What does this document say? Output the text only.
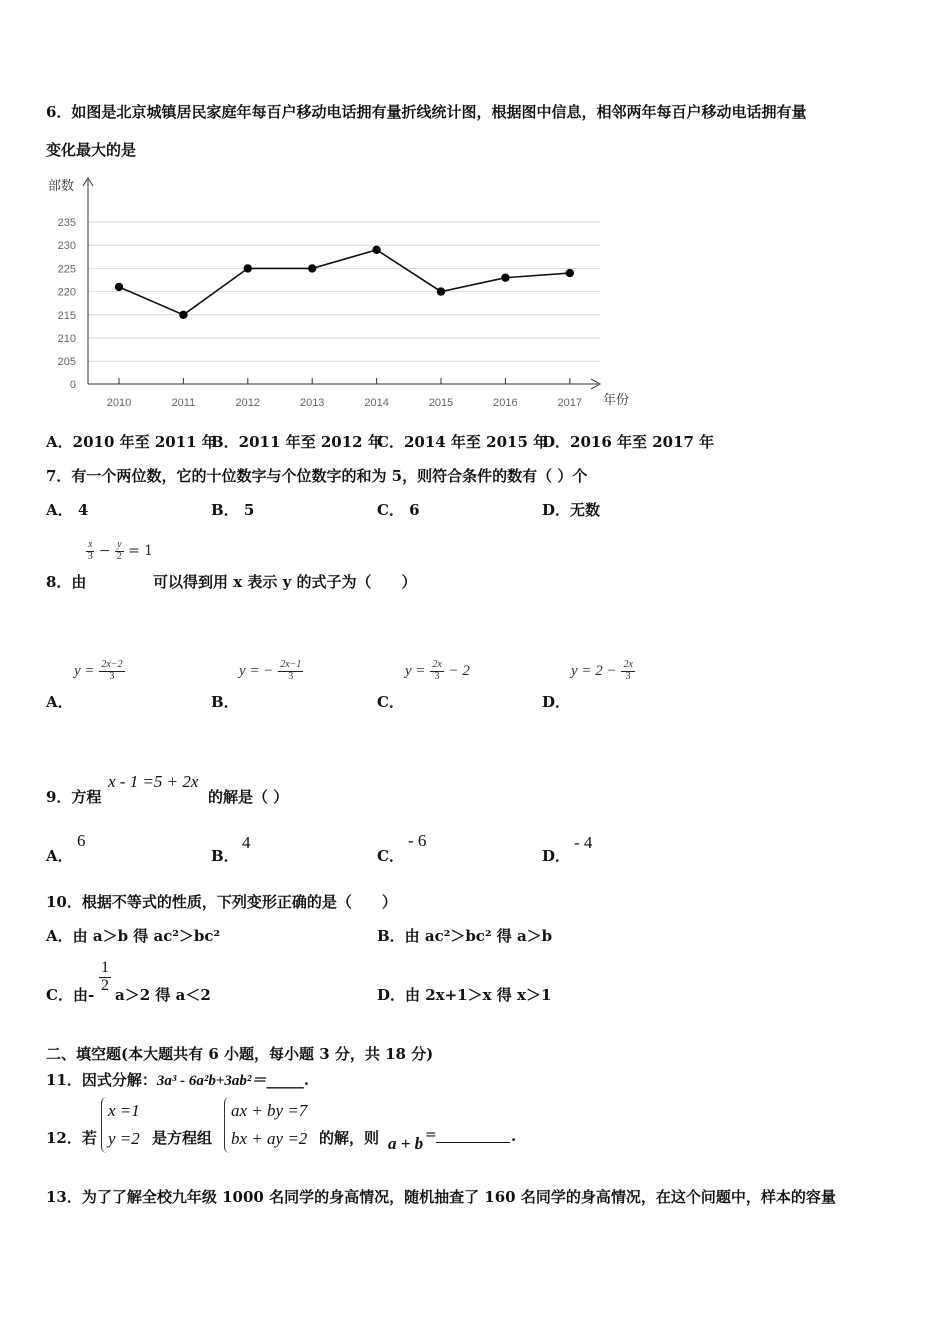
6．如图是北京城镇居民家庭年每百户移动电话拥有量折线统计图，根据图中信息，相邻两年每百户移动电话拥有量
变化最大的是
部数
年份
235
230
225
220
215
210
205
0
2010	2011	2012	2013	2014	2015	2016	2017
A．2010 年至 2011 年
B．2011 年至 2012 年
C．2014 年至 2015 年
D．2016 年至 2017 年
7．有一个两位数，它的十位数字与个位数字的和为 5，则符合条件的数有（ ）个
A． 4	B． 5	C． 6	D．无数
$\frac{x}{3} - \frac{y}{2} = 1$
8．由	可以得到用 x 表示 y 的式子为（　　）
A．	B．	C．	D．
$y = \frac{2x-2}{3}$	y = − $\frac{2x-1}{3}$	$y = \frac{2x}{3} - 2$	$y = 2 - \frac{2x}{3}$
9．方程
x - 1 =5 + 2x
的解是（ ）
A．	B．	C．	D．
6	4	- 6	- 4
10．根据不等式的性质，下列变形正确的是（　　）
A．由 a＞b 得 ac²＞bc²	B．由 ac²＞bc² 得 a＞b
C．由-
$\frac{1}{2}$
a＞2 得 a＜2	D．由 2x+1＞x 得 x＞1
二、填空题(本大题共有 6 小题，每小题 3 分，共 18 分)
11．因式分解：3a³ - 6a²b+3ab²＝_____.
12．若
x =1
y =2 是方程组
ax + by =7
bx + ay =2 的解，则 a + b =	.
13．为了了解全校九年级 1000 名同学的身高情况，随机抽查了 160 名同学的身高情况，在这个问题中，样本的容量
